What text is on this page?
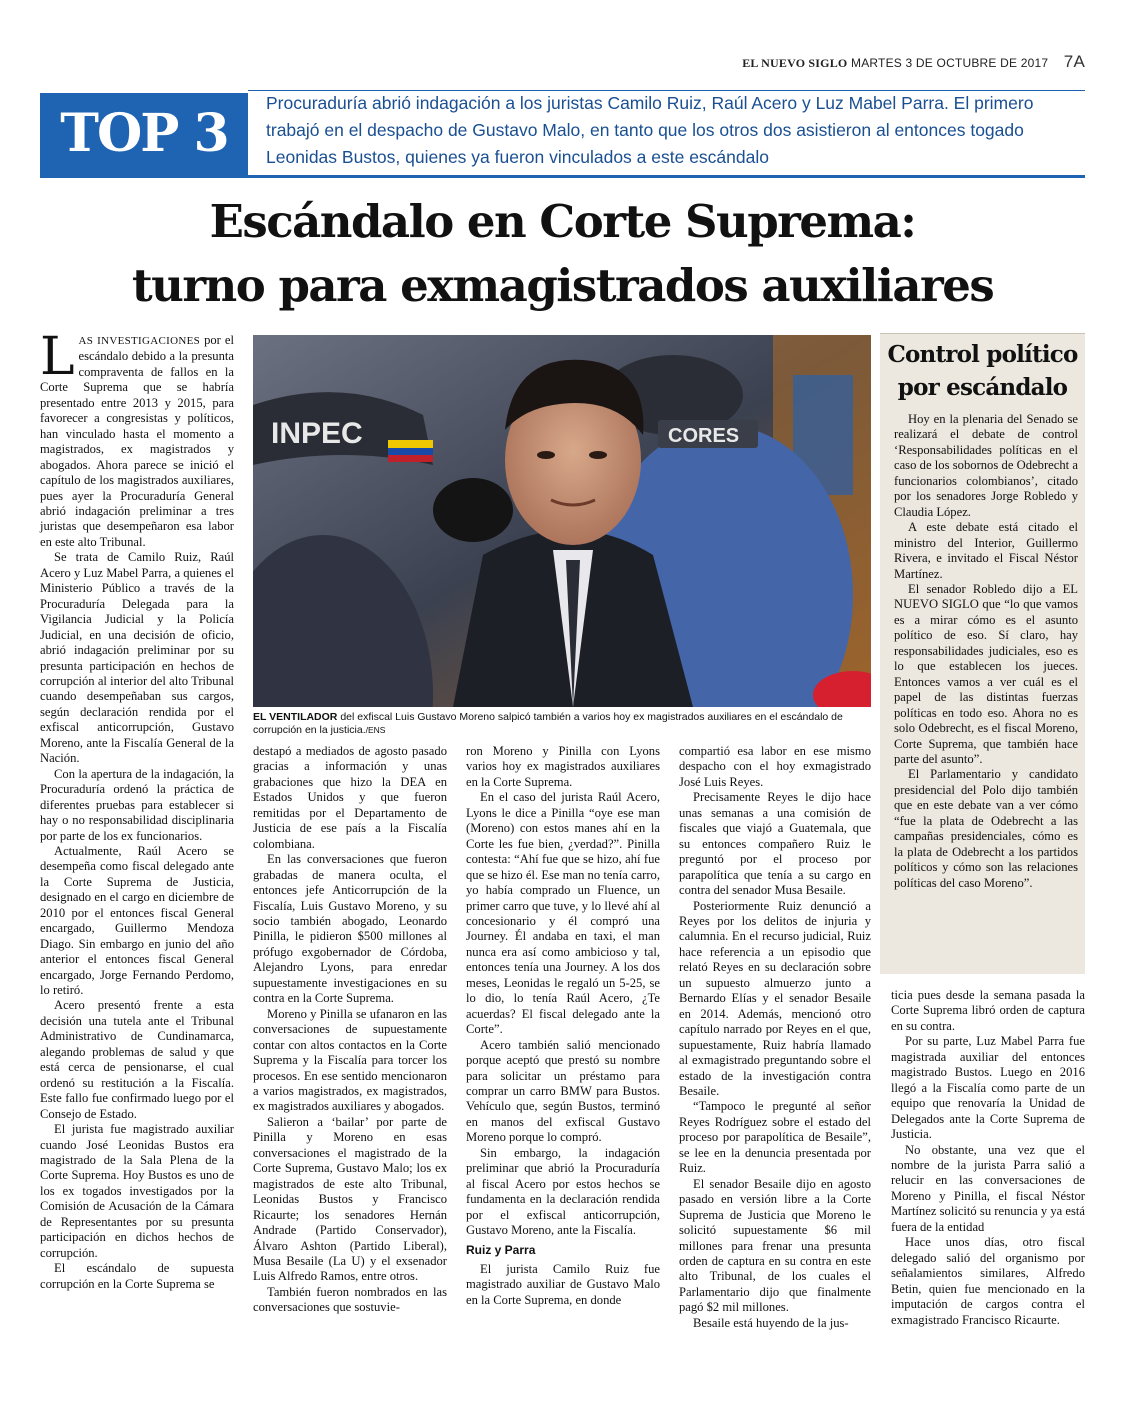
EL NUEVO SIGLO MARTES 3 DE OCTUBRE DE 2017 7A
TOP 3	Procuraduría abrió indagación a los juristas Camilo Ruiz, Raúl Acero y Luz Mabel Parra. El primero trabajó en el despacho de Gustavo Malo, en tanto que los otros dos asistieron al entonces togado Leonidas Bustos, quienes ya fueron vinculados a este escándalo
Escándalo en Corte Suprema:
turno para exmagistrados auxiliares

LAS INVESTIGACIONES por el escándalo debido a la presunta compraventa de fallos en la Corte Suprema que se habría presentado entre 2013 y 2015, para favorecer a congresistas y políticos, han vinculado hasta el momento a magistrados, ex magistrados y abogados. Ahora parece se inició el capítulo de los magistrados auxiliares, pues ayer la Procuraduría General abrió indagación preliminar a tres juristas que desempeñaron esa labor en este alto Tribunal.

Se trata de Camilo Ruiz, Raúl Acero y Luz Mabel Parra, a quienes el Ministerio Público a través de la Procuraduría Delegada para la Vigilancia Judicial y la Policía Judicial, en una decisión de oficio, abrió indagación preliminar por su presunta participación en hechos de corrupción al interior del alto Tribunal cuando desempeñaban sus cargos, según declaración rendida por el exfiscal anticorrupción, Gustavo Moreno, ante la Fiscalía General de la Nación.

Con la apertura de la indagación, la Procuraduría ordenó la práctica de diferentes pruebas para establecer si hay o no responsabilidad disciplinaria por parte de los ex funcionarios.

Actualmente, Raúl Acero se desempeña como fiscal delegado ante la Corte Suprema de Justicia, designado en el cargo en diciembre de 2010 por el entonces fiscal General encargado, Guillermo Mendoza Diago. Sin embargo en junio del año anterior el entonces fiscal General encargado, Jorge Fernando Perdomo, lo retiró.

Acero presentó frente a esta decisión una tutela ante el Tribunal Administrativo de Cundinamarca, alegando problemas de salud y que está cerca de pensionarse, el cual ordenó su restitución a la Fiscalía. Este fallo fue confirmado luego por el Consejo de Estado.

El jurista fue magistrado auxiliar cuando José Leonidas Bustos era magistrado de la Sala Plena de la Corte Suprema. Hoy Bustos es uno de los ex togados investigados por la Comisión de Acusación de la Cámara de Representantes por su presunta participación en dichos hechos de corrupción.

El escándalo de supuesta corrupción en la Corte Suprema se

INPEC	CORES
EL VENTILADOR del exfiscal Luis Gustavo Moreno salpicó también a varios hoy ex magistrados auxiliares en el escándalo de corrupción en la justicia./ENS

destapó a mediados de agosto pasado gracias a información y unas grabaciones que hizo la DEA en Estados Unidos y que fueron remitidas por el Departamento de Justicia de ese país a la Fiscalía colombiana.

En las conversaciones que fueron grabadas de manera oculta, el entonces jefe Anticorrupción de la Fiscalía, Luis Gustavo Moreno, y su socio también abogado, Leonardo Pinilla, le pidieron $500 millones al prófugo exgobernador de Córdoba, Alejandro Lyons, para enredar supuestamente investigaciones en su contra en la Corte Suprema.

Moreno y Pinilla se ufanaron en las conversaciones de supuestamente contar con altos contactos en la Corte Suprema y la Fiscalía para torcer los procesos. En ese sentido mencionaron a varios magistrados, ex magistrados, ex magistrados auxiliares y abogados.

Salieron a ‘bailar’ por parte de Pinilla y Moreno en esas conversaciones el magistrado de la Corte Suprema, Gustavo Malo; los ex magistrados de este alto Tribunal, Leonidas Bustos y Francisco Ricaurte; los senadores Hernán Andrade (Partido Conservador), Álvaro Ashton (Partido Liberal), Musa Besaile (La U) y el exsenador Luis Alfredo Ramos, entre otros.

También fueron nombrados en las conversaciones que sostuvie-

ron Moreno y Pinilla con Lyons varios hoy ex magistrados auxiliares en la Corte Suprema.

En el caso del jurista Raúl Acero, Lyons le dice a Pinilla “oye ese man (Moreno) con estos manes ahí en la Corte les fue bien, ¿verdad?”. Pinilla contesta: “Ahí fue que se hizo, ahí fue que se hizo él. Ese man no tenía carro, yo había comprado un Fluence, un primer carro que tuve, y lo llevé ahí al concesionario y él compró una Journey. Él andaba en taxi, el man nunca era así como ambicioso y tal, entonces tenía una Journey. A los dos meses, Leonidas le regaló un 5-25, se lo dio, lo tenía Raúl Acero, ¿Te acuerdas? El fiscal delegado ante la Corte”.

Acero también salió mencionado porque aceptó que prestó su nombre para solicitar un préstamo para comprar un carro BMW para Bustos. Vehículo que, según Bustos, terminó en manos del exfiscal Gustavo Moreno porque lo compró.

Sin embargo, la indagación preliminar que abrió la Procuraduría al fiscal Acero por estos hechos se fundamenta en la declaración rendida por el exfiscal anticorrupción, Gustavo Moreno, ante la Fiscalía.

Ruiz y Parra

El jurista Camilo Ruiz fue magistrado auxiliar de Gustavo Malo en la Corte Suprema, en donde

compartió esa labor en ese mismo despacho con el hoy exmagistrado José Luis Reyes.

Precisamente Reyes le dijo hace unas semanas a una comisión de fiscales que viajó a Guatemala, que su entonces compañero Ruiz le preguntó por el proceso por parapolítica que tenía a su cargo en contra del senador Musa Besaile.

Posteriormente Ruiz denunció a Reyes por los delitos de injuria y calumnia. En el recurso judicial, Ruiz hace referencia a un episodio que relató Reyes en su declaración sobre un supuesto almuerzo junto a Bernardo Elías y el senador Besaile en 2014. Además, mencionó otro capítulo narrado por Reyes en el que, supuestamente, Ruiz habría llamado al exmagistrado preguntando sobre el estado de la investigación contra Besaile.

“Tampoco le pregunté al señor Reyes Rodríguez sobre el estado del proceso por parapolítica de Besaile”, se lee en la denuncia presentada por Ruiz.

El senador Besaile dijo en agosto pasado en versión libre a la Corte Suprema de Justicia que Moreno le solicitó supuestamente $6 mil millones para frenar una presunta orden de captura en su contra en este alto Tribunal, de los cuales el Parlamentario dijo que finalmente pagó $2 mil millones.

Besaile está huyendo de la jus-

Control político
por escándalo

Hoy en la plenaria del Senado se realizará el debate de control ‘Responsabilidades políticas en el caso de los sobornos de Odebrecht a funcionarios colombianos’, citado por los senadores Jorge Robledo y Claudia López.

A este debate está citado el ministro del Interior, Guillermo Rivera, e invitado el Fiscal Néstor Martínez.

El senador Robledo dijo a EL NUEVO SIGLO que “lo que vamos es a mirar cómo es el asunto político de eso. Sí claro, hay responsabilidades judiciales, eso es lo que establecen los jueces. Entonces vamos a ver cuál es el papel de las distintas fuerzas políticas en todo eso. Ahora no es solo Odebrecht, es el fiscal Moreno, Corte Suprema, que también hace parte del asunto”.

El Parlamentario y candidato presidencial del Polo dijo también que en este debate van a ver cómo “fue la plata de Odebrecht a las campañas presidenciales, cómo es la plata de Odebrecht a los partidos políticos y cómo son las relaciones políticas del caso Moreno”.

ticia pues desde la semana pasada la Corte Suprema libró orden de captura en su contra.

Por su parte, Luz Mabel Parra fue magistrada auxiliar del entonces magistrado Bustos. Luego en 2016 llegó a la Fiscalía como parte de un equipo que renovaría la Unidad de Delegados ante la Corte Suprema de Justicia.

No obstante, una vez que el nombre de la jurista Parra salió a relucir en las conversaciones de Moreno y Pinilla, el fiscal Néstor Martínez solicitó su renuncia y ya está fuera de la entidad

Hace unos días, otro fiscal delegado salió del organismo por señalamientos similares, Alfredo Betin, quien fue mencionado en la imputación de cargos contra el exmagistrado Francisco Ricaurte.
